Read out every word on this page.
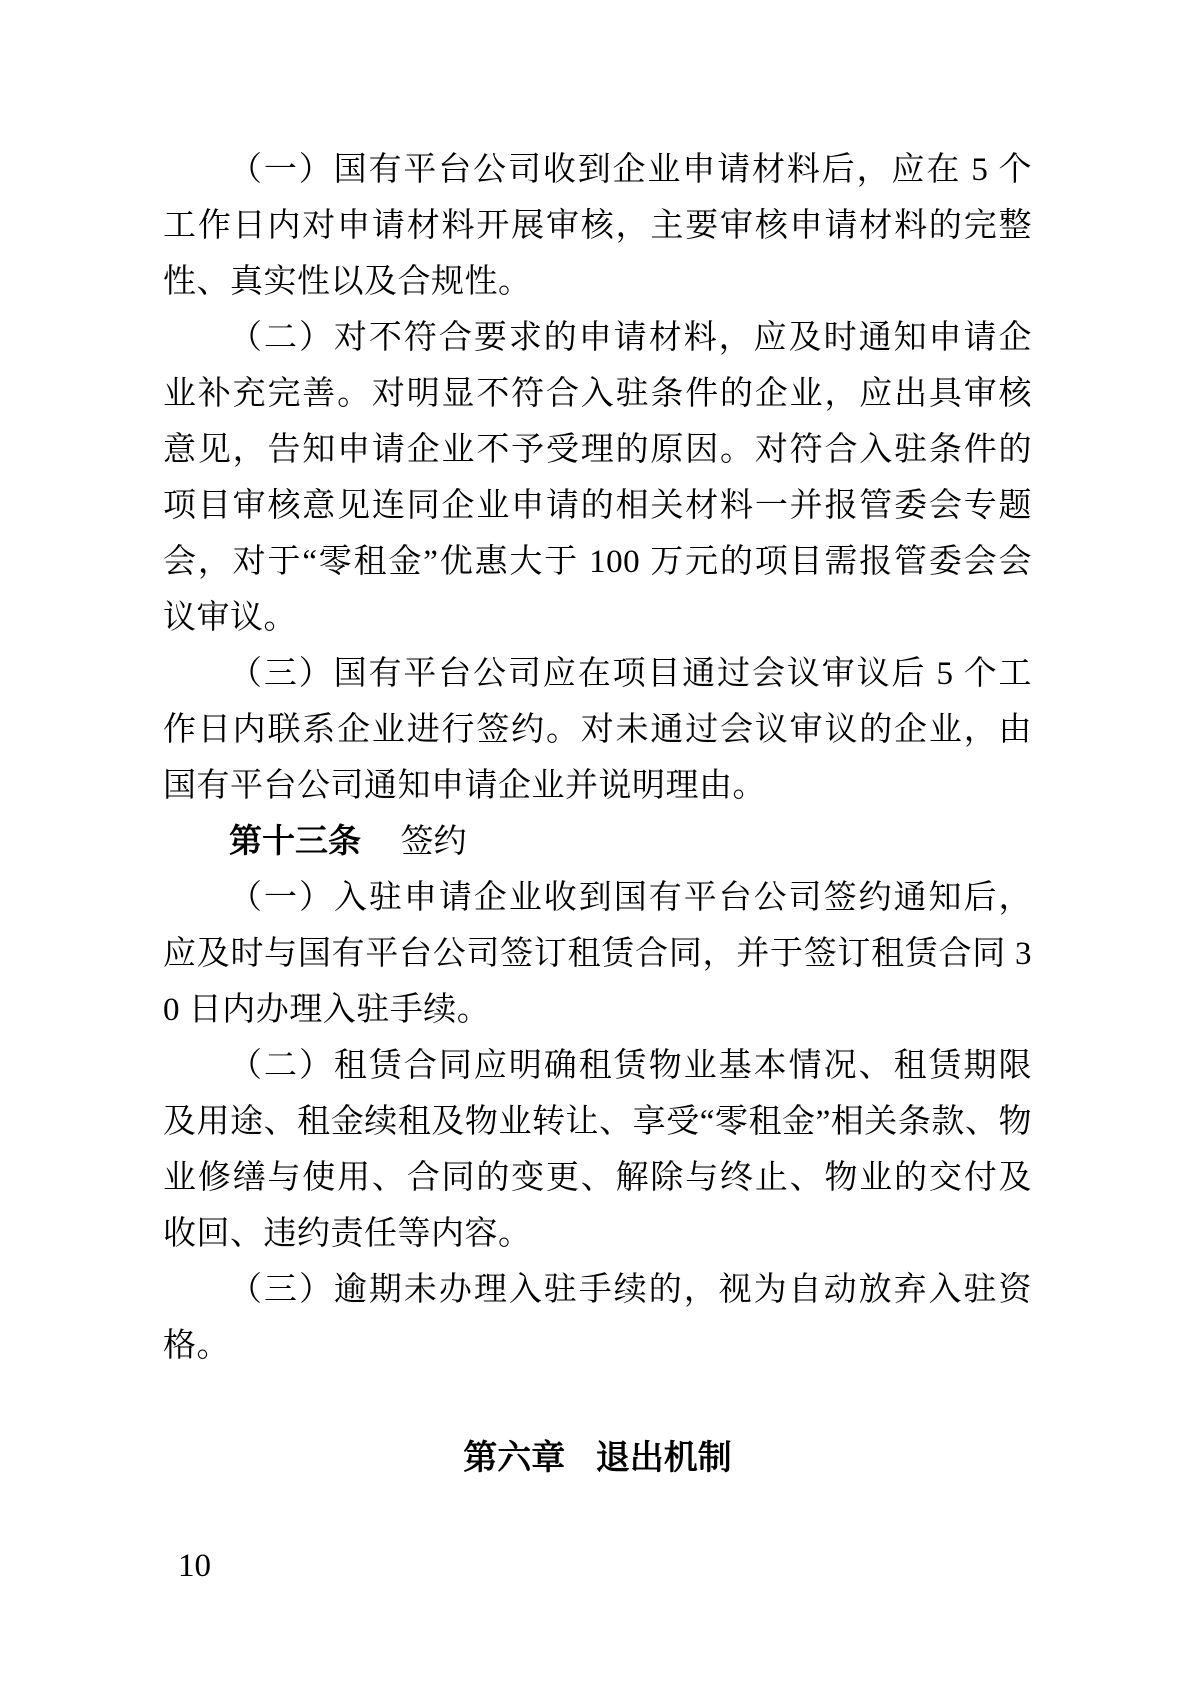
（一）国有平台公司收到企业申请材料后，应在 5 个工作日内对申请材料开展审核，主要审核申请材料的完整性、真实性以及合规性。

（二）对不符合要求的申请材料，应及时通知申请企业补充完善。对明显不符合入驻条件的企业，应出具审核意见，告知申请企业不予受理的原因。对符合入驻条件的项目审核意见连同企业申请的相关材料一并报管委会专题会，对于“零租金”优惠大于 100 万元的项目需报管委会会议审议。

（三）国有平台公司应在项目通过会议审议后 5 个工作日内联系企业进行签约。对未通过会议审议的企业，由国有平台公司通知申请企业并说明理由。

第十三条 签约

（一）入驻申请企业收到国有平台公司签约通知后，应及时与国有平台公司签订租赁合同，并于签订租赁合同 30 日内办理入驻手续。

（二）租赁合同应明确租赁物业基本情况、租赁期限及用途、租金续租及物业转让、享受“零租金”相关条款、物业修缮与使用、合同的变更、解除与终止、物业的交付及收回、违约责任等内容。

（三）逾期未办理入驻手续的，视为自动放弃入驻资格。

第六章 退出机制

10
